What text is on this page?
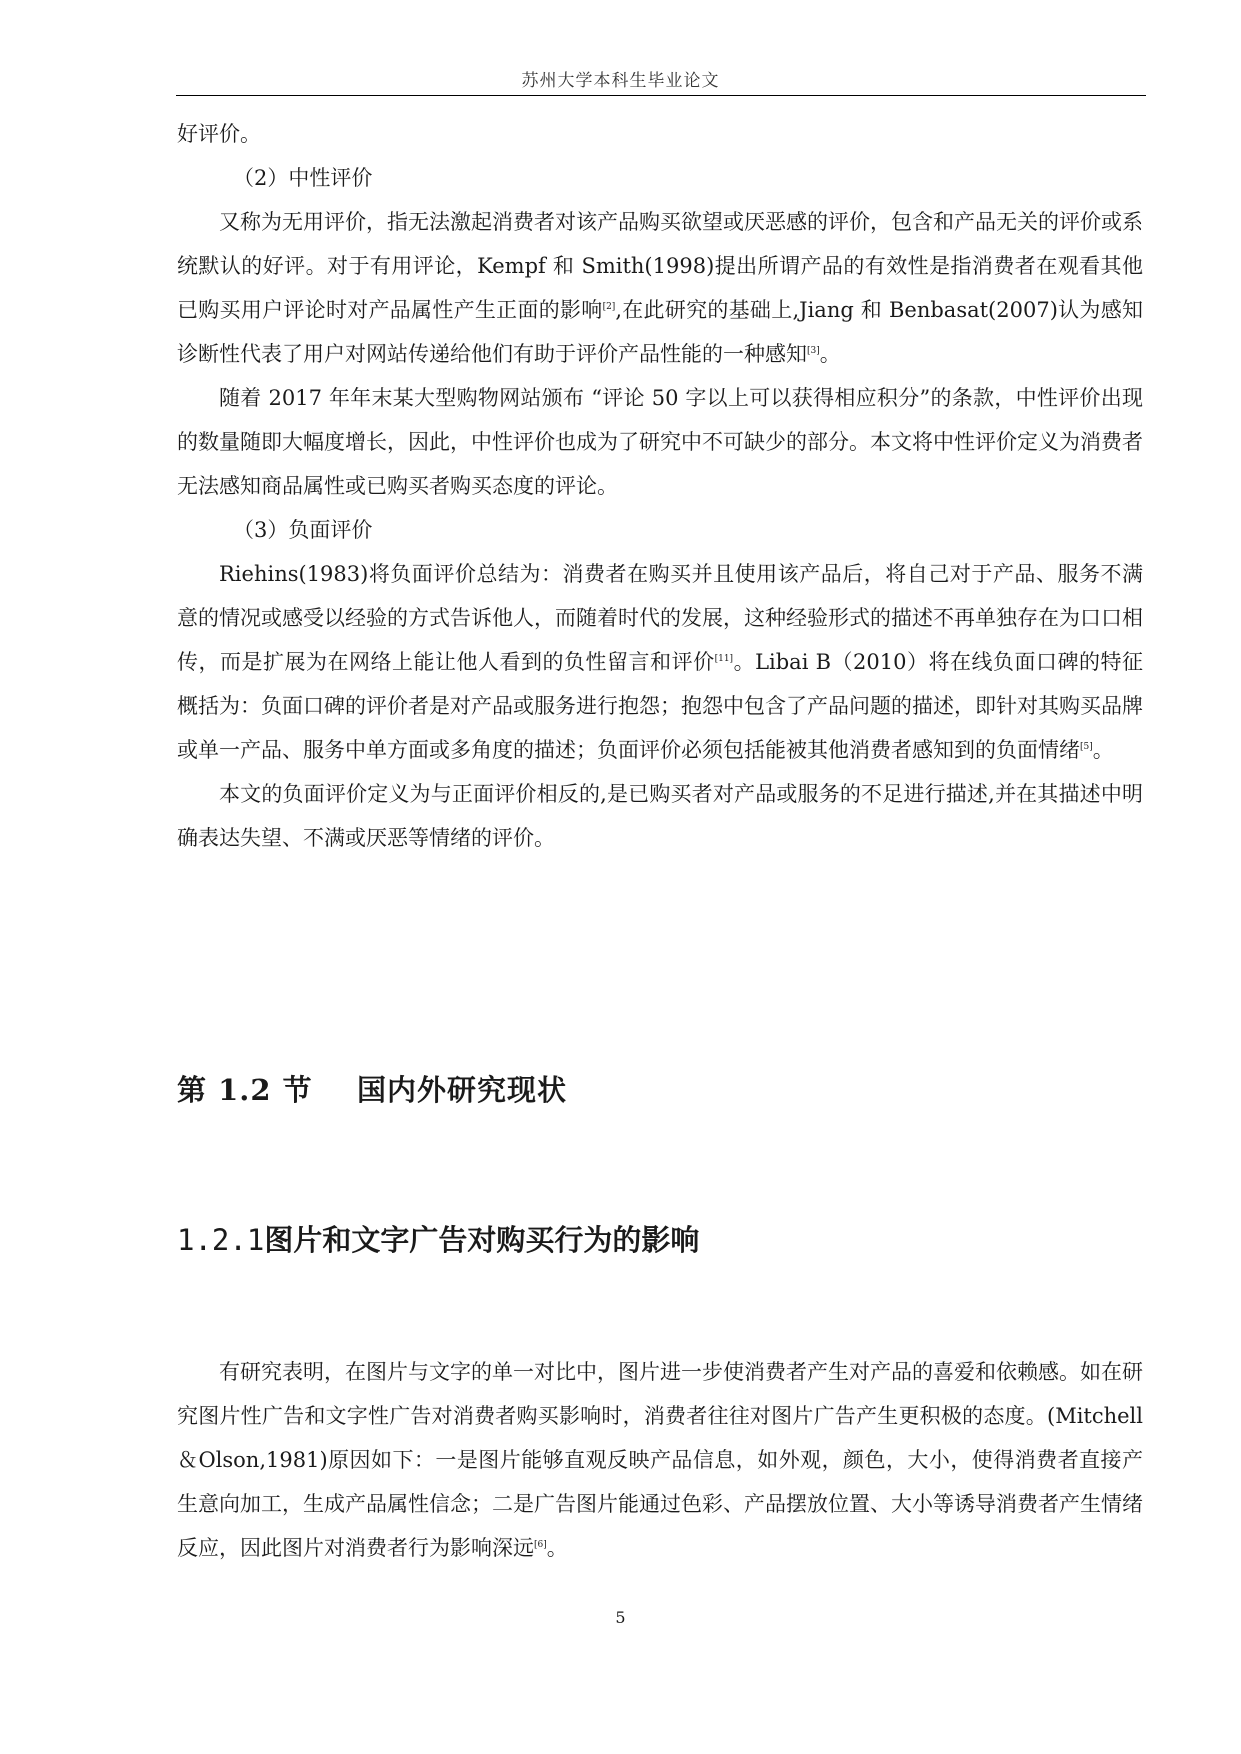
苏州大学本科生毕业论文

好评价。

（2）中性评价

又称为无用评价，指无法激起消费者对该产品购买欲望或厌恶感的评价，包含和产品无关的评价或系统默认的好评。对于有用评论，Kempf 和 Smith(1998)提出所谓产品的有效性是指消费者在观看其他已购买用户评论时对产品属性产生正面的影响[2],在此研究的基础上,Jiang 和 Benbasat(2007)认为感知诊断性代表了用户对网站传递给他们有助于评价产品性能的一种感知[3]。

随着 2017 年年末某大型购物网站颁布 “评论 50 字以上可以获得相应积分”的条款，中性评价出现的数量随即大幅度增长，因此，中性评价也成为了研究中不可缺少的部分。本文将中性评价定义为消费者无法感知商品属性或已购买者购买态度的评论。

（3）负面评价

Riehins(1983)将负面评价总结为：消费者在购买并且使用该产品后，将自己对于产品、服务不满意的情况或感受以经验的方式告诉他人，而随着时代的发展，这种经验形式的描述不再单独存在为口口相传，而是扩展为在网络上能让他人看到的负性留言和评价[11]。Libai B（2010）将在线负面口碑的特征概括为：负面口碑的评价者是对产品或服务进行抱怨；抱怨中包含了产品问题的描述，即针对其购买品牌或单一产品、服务中单方面或多角度的描述；负面评价必须包括能被其他消费者感知到的负面情绪[5]。

本文的负面评价定义为与正面评价相反的,是已购买者对产品或服务的不足进行描述,并在其描述中明确表达失望、不满或厌恶等情绪的评价。

第 1.2 节 国内外研究现状
1.2.1图片和文字广告对购买行为的影响

有研究表明，在图片与文字的单一对比中，图片进一步使消费者产生对产品的喜爱和依赖感。如在研究图片性广告和文字性广告对消费者购买影响时，消费者往往对图片广告产生更积极的态度。(Mitchell＆Olson,1981)原因如下：一是图片能够直观反映产品信息，如外观，颜色，大小，使得消费者直接产生意向加工，生成产品属性信念；二是广告图片能通过色彩、产品摆放位置、大小等诱导消费者产生情绪反应，因此图片对消费者行为影响深远[6]。

5
